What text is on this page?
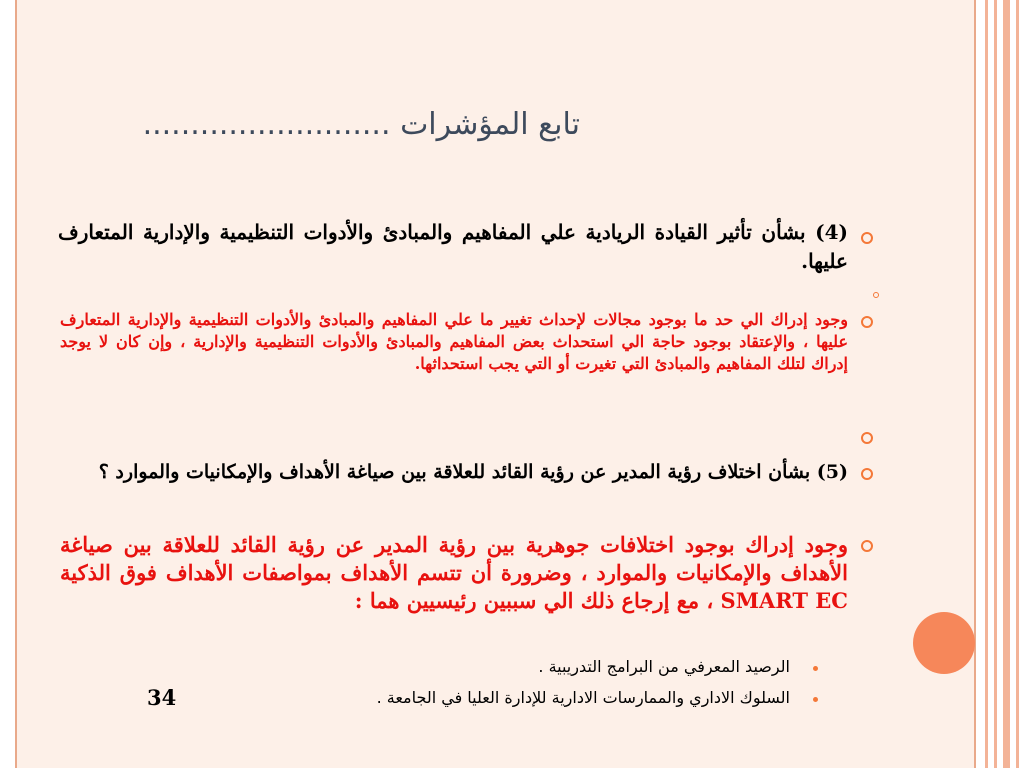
تابع المؤشرات ..........................
(4) بشأن تأثير القيادة الريادية علي المفاهيم والمبادئ والأدوات التنظيمية والإدارية المتعارف عليها.
وجود إدراك الي حد ما بوجود مجالات لإحداث تغيير ما علي المفاهيم والمبادئ والأدوات التنظيمية والإدارية المتعارف عليها ، والإعتقاد بوجود حاجة الي استحداث بعض المفاهيم والمبادئ والأدوات التنظيمية والإدارية ، وإن كان لا يوجد إدراك لتلك المفاهيم والمبادئ التي تغيرت أو التي يجب استحداثها.
(5) بشأن اختلاف رؤية المدير عن رؤية القائد للعلاقة بين صياغة الأهداف والإمكانيات والموارد ؟
وجود إدراك بوجود اختلافات جوهرية بين رؤية المدير عن رؤية القائد للعلاقة بين صياغة الأهداف والإمكانيات والموارد ، وضرورة أن تتسم الأهداف بمواصفات الأهداف فوق الذكية SMART EC ، مع إرجاع ذلك الي سببين رئيسيين هما :
الرصيد المعرفي من البرامج التدريبية .
السلوك الاداري والممارسات الادارية للإدارة العليا في الجامعة .
34
